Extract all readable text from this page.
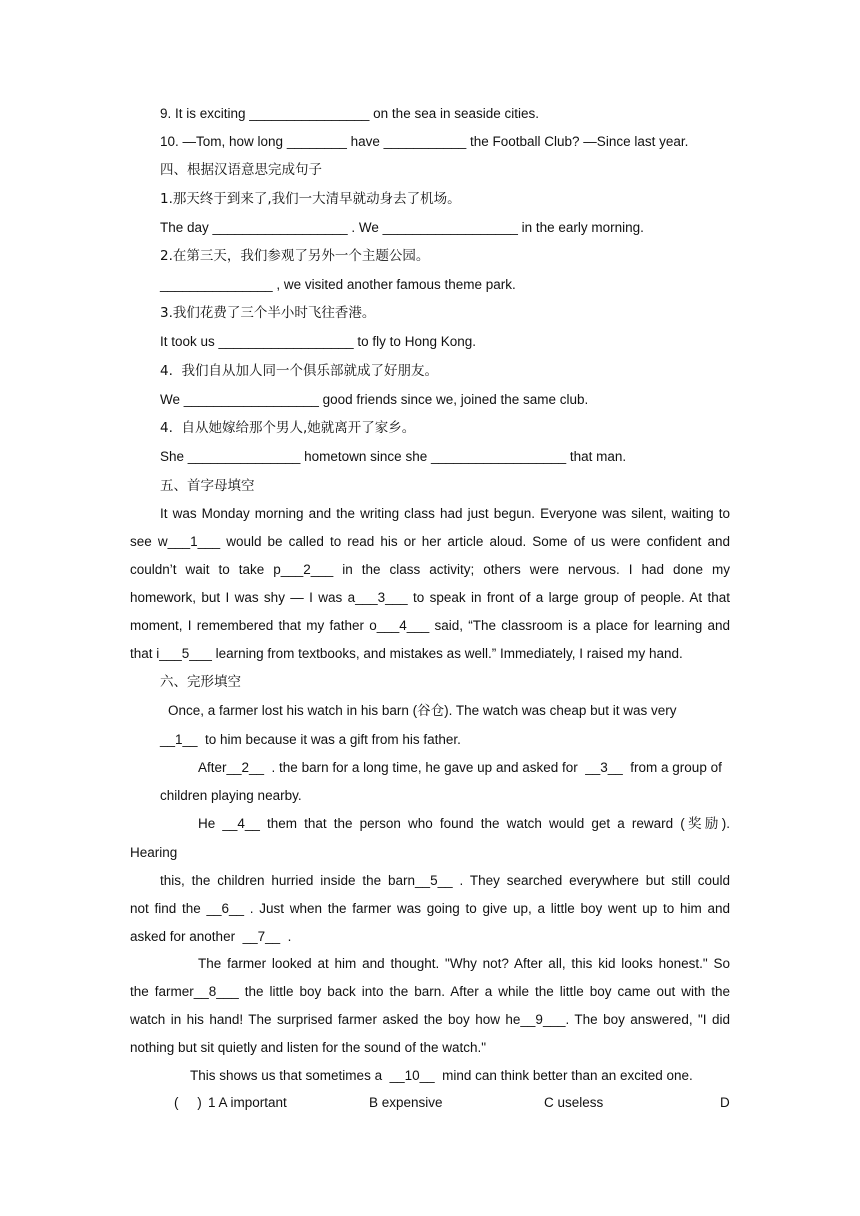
9. It is exciting ________________ on the sea in seaside cities.
10. —Tom, how long ________ have ___________ the Football Club? —Since last year.
四、根据汉语意思完成句子
1.那天终于到来了,我们一大清早就动身去了机场。
The day __________________ . We __________________ in the early morning.
2.在第三天，我们参观了另外一个主题公园。
_______________ , we visited another famous theme park.
3.我们花费了三个半小时飞往香港。
It took us __________________ to fly to Hong Kong.
4.  我们自从加人同一个俱乐部就成了好朋友。
We __________________ good friends since we, joined the same club.
4.  自从她嫁给那个男人,她就离开了家乡。
She _______________ hometown since she __________________ that man.
五、首字母填空
It was Monday morning and the writing class had just begun. Everyone was silent, waiting to
see w___1___ would be called to read his or her article aloud. Some of us were confident and
couldn’t wait to take p___2___ in the class activity; others were nervous. I had done my
homework, but I was shy — I was a___3___ to speak in front of a large group of people. At that
moment, I remembered that my father o___4___ said, “The classroom is a place for learning and
that i___5___ learning from textbooks, and mistakes as well.” Immediately, I raised my hand.
六、完形填空
Once, a farmer lost his watch in his barn (谷仓). The watch was cheap but it was very
__1__  to him because it was a gift from his father.
After__2__  . the barn for a long time, he gave up and asked for  __3__  from a group of
children playing nearby.
He __4__ them that the person who found the watch would get a reward (奖励).
Hearing
this, the children hurried inside the barn__5__ . They searched everywhere but still could
not find the __6__ . Just when the farmer was going to give up, a little boy went up to him and
asked for another  __7__  .
The farmer looked at him and thought. "Why not? After all, this kid looks honest." So
the farmer__8___ the little boy back into the barn. After a while the little boy came out with the
watch in his hand! The surprised farmer asked the boy how he__9___. The boy answered, "I did
nothing but sit quietly and listen for the sound of the watch."
This shows us that sometimes a  __10__  mind can think better than an excited one.
(     ) 1 A important	B expensive	C useless	D
